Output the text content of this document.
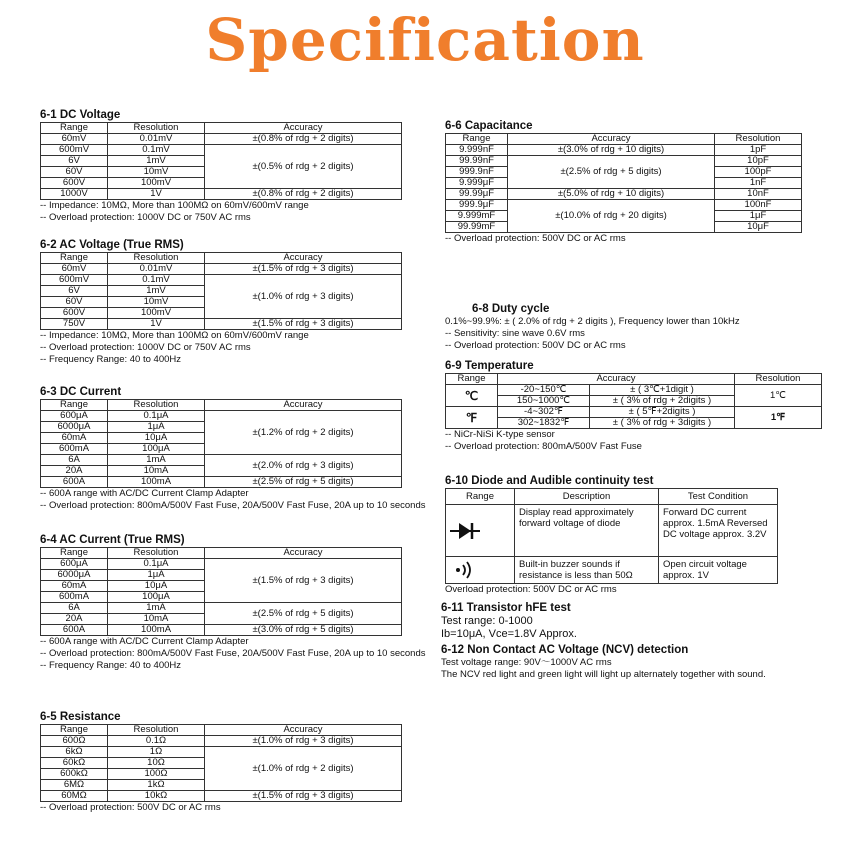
Specification
6-1 DC Voltage
Range	Resolution	Accuracy
60mV	0.01mV	±(0.8% of rdg + 2 digits)
600mV	0.1mV	±(0.5% of rdg + 2 digits)
6V	1mV	
60V	10mV	
600V	100mV	
1000V	1V	±(0.8% of rdg + 2 digits)
-- Impedance: 10MΩ, More than 100MΩ on 60mV/600mV range
-- Overload protection: 1000V DC or 750V AC rms
6-2 AC Voltage (True RMS)
Range	Resolution	Accuracy
60mV	0.01mV	±(1.5% of rdg + 3 digits)
600mV	0.1mV	±(1.0% of rdg + 3 digits)
6V	1mV	
60V	10mV	
600V	100mV	
750V	1V	±(1.5% of rdg + 3 digits)
-- Impedance: 10MΩ, More than 100MΩ on 60mV/600mV range
-- Overload protection: 1000V DC or 750V AC rms
-- Frequency Range: 40 to 400Hz
6-3 DC Current
Range	Resolution	Accuracy
600μA	0.1μA	±(1.2% of rdg + 2 digits)
6000μA	1μA	
60mA	10μA	
600mA	100μA	
6A	1mA	±(2.0% of rdg + 3 digits)
20A	10mA	
600A	100mA	±(2.5% of rdg + 5 digits)
-- 600A range with AC/DC Current Clamp Adapter
-- Overload protection: 800mA/500V Fast Fuse, 20A/500V Fast Fuse, 20A up to 10 seconds
6-4 AC Current (True RMS)
Range	Resolution	Accuracy
600μA	0.1μA	±(1.5% of rdg + 3 digits)
6000μA	1μA	
60mA	10μA	
600mA	100μA	
6A	1mA	±(2.5% of rdg + 5 digits)
20A	10mA	
600A	100mA	±(3.0% of rdg + 5 digits)
-- 600A range with AC/DC Current Clamp Adapter
-- Overload protection: 800mA/500V Fast Fuse, 20A/500V Fast Fuse, 20A up to 10 seconds
-- Frequency Range: 40 to 400Hz
6-5 Resistance
Range	Resolution	Accuracy
600Ω	0.1Ω	±(1.0% of rdg + 3 digits)
6kΩ	1Ω	±(1.0% of rdg + 2 digits)
60kΩ	10Ω	
600kΩ	100Ω	
6MΩ	1kΩ	
60MΩ	10kΩ	±(1.5% of rdg + 3 digits)
-- Overload protection: 500V DC or AC rms
6-6 Capacitance
Range	Accuracy	Resolution
9.999nF	±(3.0% of rdg + 10 digits)	1pF
99.99nF	±(2.5% of rdg + 5 digits)	10pF
999.9nF		100pF
9.999μF		1nF
99.99μF	±(5.0% of rdg + 10 digits)	10nF
999.9μF	±(10.0% of rdg + 20 digits)	100nF
9.999mF		1μF
99.99mF		10μF
-- Overload protection: 500V DC or AC rms
6-8 Duty cycle
0.1%~99.9%: ± ( 2.0% of rdg + 2 digits ), Frequency lower than 10kHz
-- Sensitivity: sine wave 0.6V rms
-- Overload protection: 500V DC or AC rms
6-9 Temperature
Range	Accuracy		Resolution
℃	-20~150℃	± ( 3℃+1digit )	1℃
	150~1000℃	± ( 3% of rdg + 2digits )	
℉	-4~302℉	± ( 5℉+2digits )	1℉
	302~1832℉	± ( 3% of rdg + 3digits )	
-- NiCr-NiSi K-type sensor
-- Overload protection: 800mA/500V Fast Fuse
6-10 Diode and Audible continuity test
Range	Description	Test Condition
	Display read approximately forward voltage of diode	Forward DC current approx. 1.5mA Reversed DC voltage approx. 3.2V
	Built-in buzzer sounds if resistance is less than 50Ω	Open circuit voltage approx. 1V
Overload protection: 500V DC or AC rms
6-11 Transistor hFE test
Test range: 0-1000
Ib=10μA, Vce=1.8V Approx.
6-12 Non Contact AC Voltage (NCV) detection
Test voltage range: 90V～1000V AC rms
The NCV red light and green light will light up alternately together with sound.
